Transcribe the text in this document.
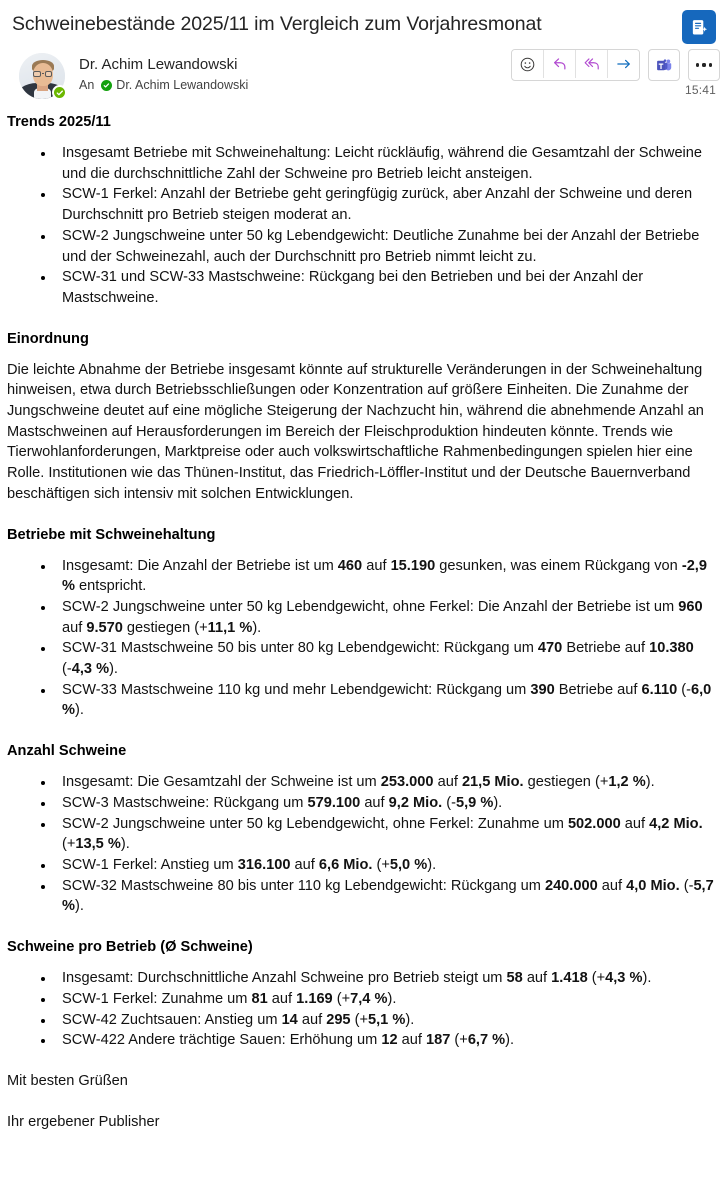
Schweinebestände 2025/11 im Vergleich zum Vorjahresmonat
Dr. Achim Lewandowski
An Dr. Achim Lewandowski	15:41
Trends 2025/11
Insgesamt Betriebe mit Schweinehaltung: Leicht rückläufig, während die Gesamtzahl der Schweine und die durchschnittliche Zahl der Schweine pro Betrieb leicht ansteigen.
SCW-1 Ferkel: Anzahl der Betriebe geht geringfügig zurück, aber Anzahl der Schweine und deren Durchschnitt pro Betrieb steigen moderat an.
SCW-2 Jungschweine unter 50 kg Lebendgewicht: Deutliche Zunahme bei der Anzahl der Betriebe und der Schweinezahl, auch der Durchschnitt pro Betrieb nimmt leicht zu.
SCW-31 und SCW-33 Mastschweine: Rückgang bei den Betrieben und bei der Anzahl der Mastschweine.
Einordnung

Die leichte Abnahme der Betriebe insgesamt könnte auf strukturelle Veränderungen in der Schweinehaltung hinweisen, etwa durch Betriebsschließungen oder Konzentration auf größere Einheiten. Die Zunahme der Jungschweine deutet auf eine mögliche Steigerung der Nachzucht hin, während die abnehmende Anzahl an Mastschweinen auf Herausforderungen im Bereich der Fleischproduktion hindeuten könnte. Trends wie Tierwohlanforderungen, Marktpreise oder auch volkswirtschaftliche Rahmenbedingungen spielen hier eine Rolle. Institutionen wie das Thünen-Institut, das Friedrich-Löffler-Institut und der Deutsche Bauernverband beschäftigen sich intensiv mit solchen Entwicklungen.

Betriebe mit Schweinehaltung
Insgesamt: Die Anzahl der Betriebe ist um 460 auf 15.190 gesunken, was einem Rückgang von -2,9 % entspricht.
SCW-2 Jungschweine unter 50 kg Lebendgewicht, ohne Ferkel: Die Anzahl der Betriebe ist um 960 auf 9.570 gestiegen (+11,1 %).
SCW-31 Mastschweine 50 bis unter 80 kg Lebendgewicht: Rückgang um 470 Betriebe auf 10.380 (-4,3 %).
SCW-33 Mastschweine 110 kg und mehr Lebendgewicht: Rückgang um 390 Betriebe auf 6.110 (-6,0 %).
Anzahl Schweine
Insgesamt: Die Gesamtzahl der Schweine ist um 253.000 auf 21,5 Mio. gestiegen (+1,2 %).
SCW-3 Mastschweine: Rückgang um 579.100 auf 9,2 Mio. (-5,9 %).
SCW-2 Jungschweine unter 50 kg Lebendgewicht, ohne Ferkel: Zunahme um 502.000 auf 4,2 Mio. (+13,5 %).
SCW-1 Ferkel: Anstieg um 316.100 auf 6,6 Mio. (+5,0 %).
SCW-32 Mastschweine 80 bis unter 110 kg Lebendgewicht: Rückgang um 240.000 auf 4,0 Mio. (-5,7 %).
Schweine pro Betrieb (Ø Schweine)
Insgesamt: Durchschnittliche Anzahl Schweine pro Betrieb steigt um 58 auf 1.418 (+4,3 %).
SCW-1 Ferkel: Zunahme um 81 auf 1.169 (+7,4 %).
SCW-42 Zuchtsauen: Anstieg um 14 auf 295 (+5,1 %).
SCW-422 Andere trächtige Sauen: Erhöhung um 12 auf 187 (+6,7 %).

Mit besten Grüßen

Ihr ergebener Publisher
